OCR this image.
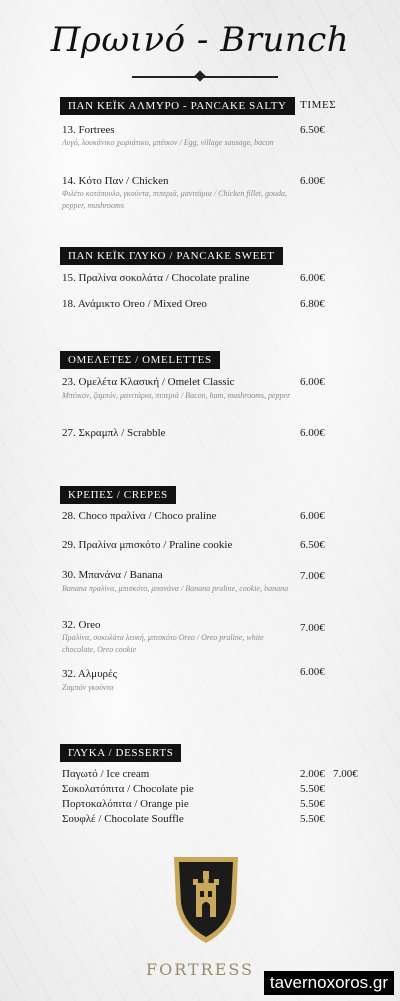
Πρωινό - Brunch
ΤΙΜΕΣ
ΠΑΝ ΚΕΪΚ ΑΛΜΥΡΟ - PANCAKE SALTY
13. Fortrees	6.50€
Αυγό, λουκάνικο χωριάτικο, μπέικον / Egg, village sausage, bacon
14. Κότο Παν / Chicken	6.00€
Φιλέτο κοτόπουλο, γκούντα, πιπεριά, μανιτάρια / Chicken fillet, gouda, pepper, mushrooms
ΠΑΝ ΚΕΪΚ ΓΛΥΚΟ / PANCAKE SWEET
15. Πραλίνα σοκολάτα / Chocolate praline	6.00€
18. Ανάμικτο Oreo / Mixed Oreo	6.80€
ΟΜΕΛΕΤΕΣ / OMELETTES
23. Ομελέτα Κλασική / Omelet Classic	6.00€
Μπέικον, ζαμπόν, μανιτάρια, πιπεριά / Bacon, ham, mushrooms, pepper
27. Σκραμπλ / Scrabble	6.00€
ΚΡΕΠΕΣ / CREPES
28. Choco πραλίνα / Choco praline	6.00€
29. Πραλίνα μπισκότο / Praline cookie	6.50€
30. Μπανάνα / Banana	7.00€
Banana πραλίνα, μπισκότο, μπανάνα / Banana praline, cookie, banana
32. Oreo	7.00€
Πραλίνα, σοκολάτα λευκή, μπισκότο Oreo / Oreo praline, white chocolate, Oreo cookie
32. Αλμυρές	6.00€
Ζαμπόν γκούντα
ΓΛΥΚΑ / DESSERTS
Παγωτό / Ice cream	2.00€ 7.00€
Σοκολατόπιτα / Chocolate pie	5.50€
Πορτοκαλόπιτα / Orange pie	5.50€
Σουφλέ / Chocolate Souffle	5.50€
FORTRESS
tavernoxoros.gr
